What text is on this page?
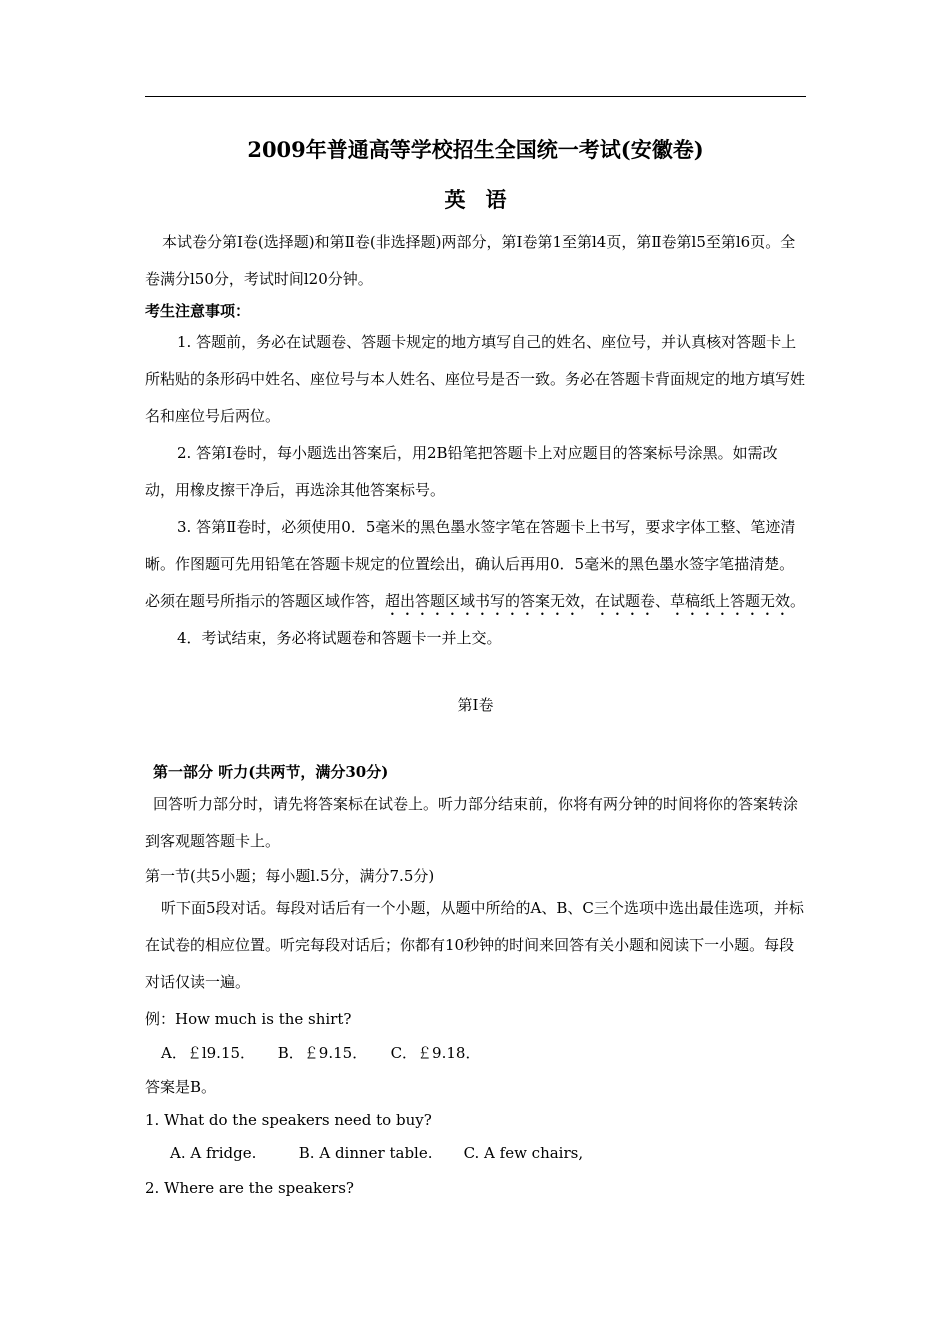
2009年普通高等学校招生全国统一考试(安徽卷)
英语

本试卷分第Ⅰ卷(选择题)和第Ⅱ卷(非选择题)两部分，第Ⅰ卷第1至第l4页，第Ⅱ卷第l5至第l6页。全卷满分l50分，考试时间l20分钟。

考生注意事项：

1. 答题前，务必在试题卷、答题卡规定的地方填写自己的姓名、座位号，并认真核对答题卡上所粘贴的条形码中姓名、座位号与本人姓名、座位号是否一致。务必在答题卡背面规定的地方填写姓名和座位号后两位。

2. 答第Ⅰ卷时，每小题选出答案后，用2B铅笔把答题卡上对应题目的答案标号涂黑。如需改动，用橡皮擦干净后，再选涂其他答案标号。

3. 答第Ⅱ卷时，必须使用0．5毫米的黑色墨水签字笔在答题卡上书写，要求字体工整、笔迹清晰。作图题可先用铅笔在答题卡规定的位置绘出，确认后再用0．5毫米的黑色墨水签字笔描清楚。必须在题号所指示的答题区域作答，超出答题区域书写的答案无效，在试题卷、草稿纸上答题无效。

4．考试结束，务必将试题卷和答题卡一并上交。

第Ⅰ卷
第一部分 听力(共两节，满分30分)

回答听力部分时，请先将答案标在试卷上。听力部分结束前，你将有两分钟的时间将你的答案转涂到客观题答题卡上。

第一节(共5小题；每小题l.5分，满分7.5分)

听下面5段对话。每段对话后有一个小题，从题中所给的A、B、C三个选项中选出最佳选项，并标在试卷的相应位置。听完每段对话后；你都有10秒钟的时间来回答有关小题和阅读下一小题。每段对话仅读一遍。

例：How much is the shirt?
A．￡l9.15． B．￡9.15． C．￡9.18．
答案是B。
1. What do the speakers need to buy?
A. A fridge.	B. A dinner table. C. A few chairs,
2. Where are the speakers?
